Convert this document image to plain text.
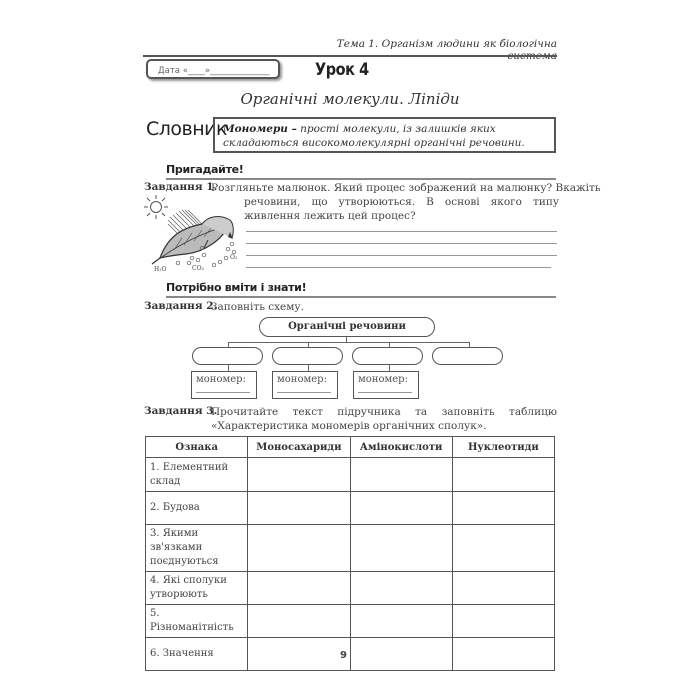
Тема 1. Організм людини як біологічна система
Дата «____»______________	Урок 4
Органічні молекули. Ліпіди
Словник
Мономери – прості молекули, із залишків яких складаються високомолекулярні органічні речовини.
Пригадайте!
Завдання 1.
Розгляньте малюнок. Який процес зображений на малюнку? Вкажіть
речовини, що утворюються. В основі якого типу живлення лежить цей процес?
H₂O	CO₂
O₂
Потрібно вміти і знати!
Завдання 2.
Заповніть схему.
Органічні речовини
мономер:	мономер:	мономер:
Завдання 3.
Прочитайте текст підручника та заповніть таблицю «Характеристика мономерів органічних сполук».
Ознака	Моносахариди	Амінокислоти	Нуклеотиди
1. Елементний склад			
2. Будова			
3. Якими зв'язками поєднуються			
4. Які сполуки утворюють			
5. Різноманітність			
6. Значення				9
